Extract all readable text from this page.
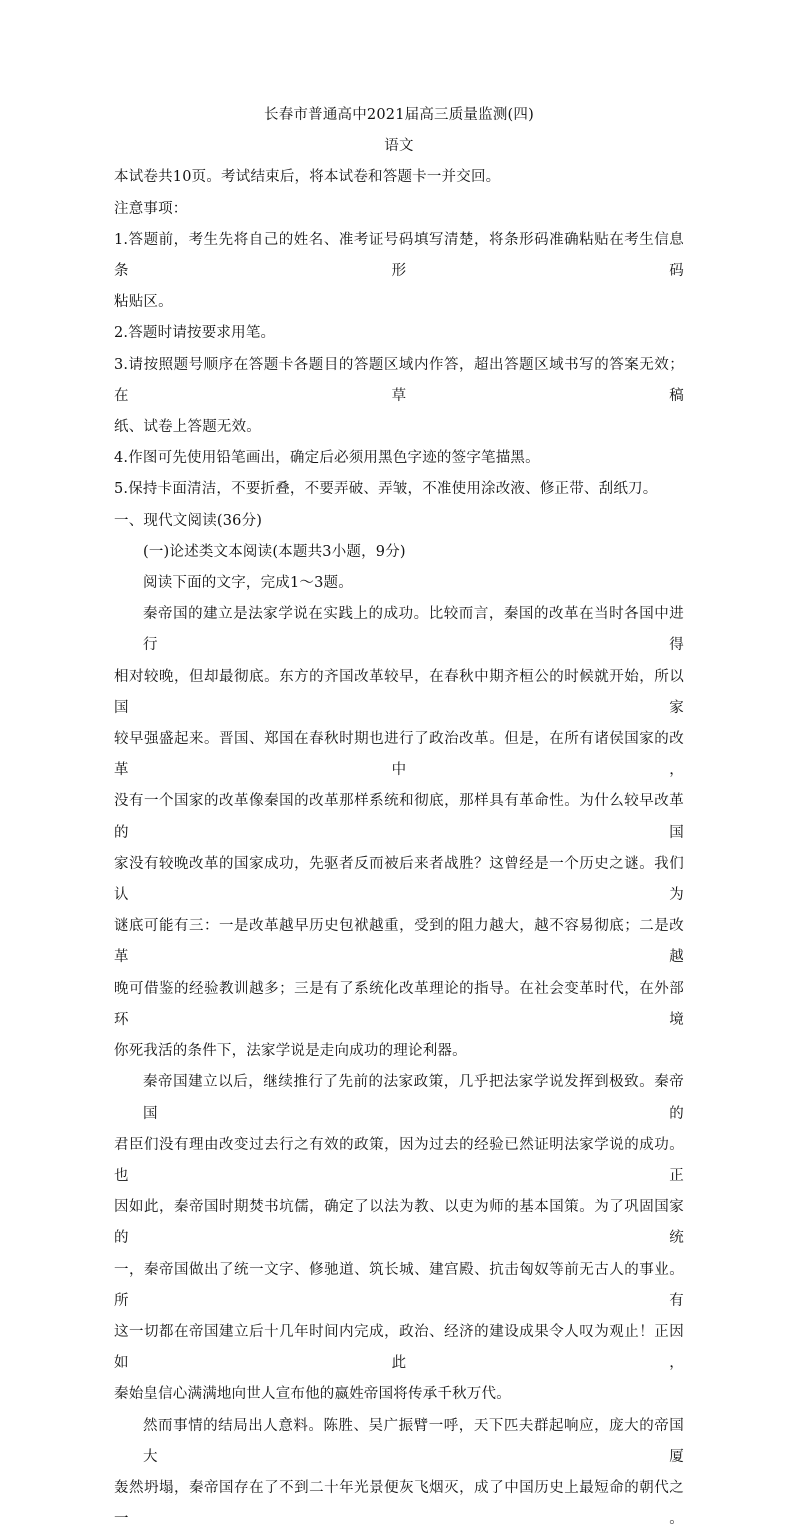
长春市普通高中2021届高三质量监测(四)
语文
本试卷共10页。考试结束后，将本试卷和答题卡一并交回。
注意事项：
1.答题前，考生先将自己的姓名、准考证号码填写清楚，将条形码准确粘贴在考生信息条形码
粘贴区。
2.答题时请按要求用笔。
3.请按照题号顺序在答题卡各题目的答题区域内作答，超出答题区域书写的答案无效；在草稿
纸、试卷上答题无效。
4.作图可先使用铅笔画出，确定后必须用黑色字迹的签字笔描黑。
5.保持卡面清洁，不要折叠，不要弄破、弄皱，不准使用涂改液、修正带、刮纸刀。
一、现代文阅读(36分)
(一)论述类文本阅读(本题共3小题，9分)
阅读下面的文字，完成1～3题。
秦帝国的建立是法家学说在实践上的成功。比较而言，秦国的改革在当时各国中进行得
相对较晚，但却最彻底。东方的齐国改革较早，在春秋中期齐桓公的时候就开始，所以国家
较早强盛起来。晋国、郑国在春秋时期也进行了政治改革。但是，在所有诸侯国家的改革中，
没有一个国家的改革像秦国的改革那样系统和彻底，那样具有革命性。为什么较早改革的国
家没有较晚改革的国家成功，先驱者反而被后来者战胜？这曾经是一个历史之谜。我们认为
谜底可能有三：一是改革越早历史包袱越重，受到的阻力越大，越不容易彻底；二是改革越
晚可借鉴的经验教训越多；三是有了系统化改革理论的指导。在社会变革时代，在外部环境
你死我活的条件下，法家学说是走向成功的理论利器。
秦帝国建立以后，继续推行了先前的法家政策，几乎把法家学说发挥到极致。秦帝国的
君臣们没有理由改变过去行之有效的政策，因为过去的经验已然证明法家学说的成功。也正
因如此，秦帝国时期焚书坑儒，确定了以法为教、以吏为师的基本国策。为了巩固国家的统
一，秦帝国做出了统一文字、修驰道、筑长城、建宫殿、抗击匈奴等前无古人的事业。所有
这一切都在帝国建立后十几年时间内完成，政治、经济的建设成果令人叹为观止！正因如此，
秦始皇信心满满地向世人宣布他的嬴姓帝国将传承千秋万代。
然而事情的结局出人意料。陈胜、吴广振臂一呼，天下匹夫群起响应，庞大的帝国大厦
轰然坍塌，秦帝国存在了不到二十年光景便灰飞烟灭，成了中国历史上最短命的朝代之一。
